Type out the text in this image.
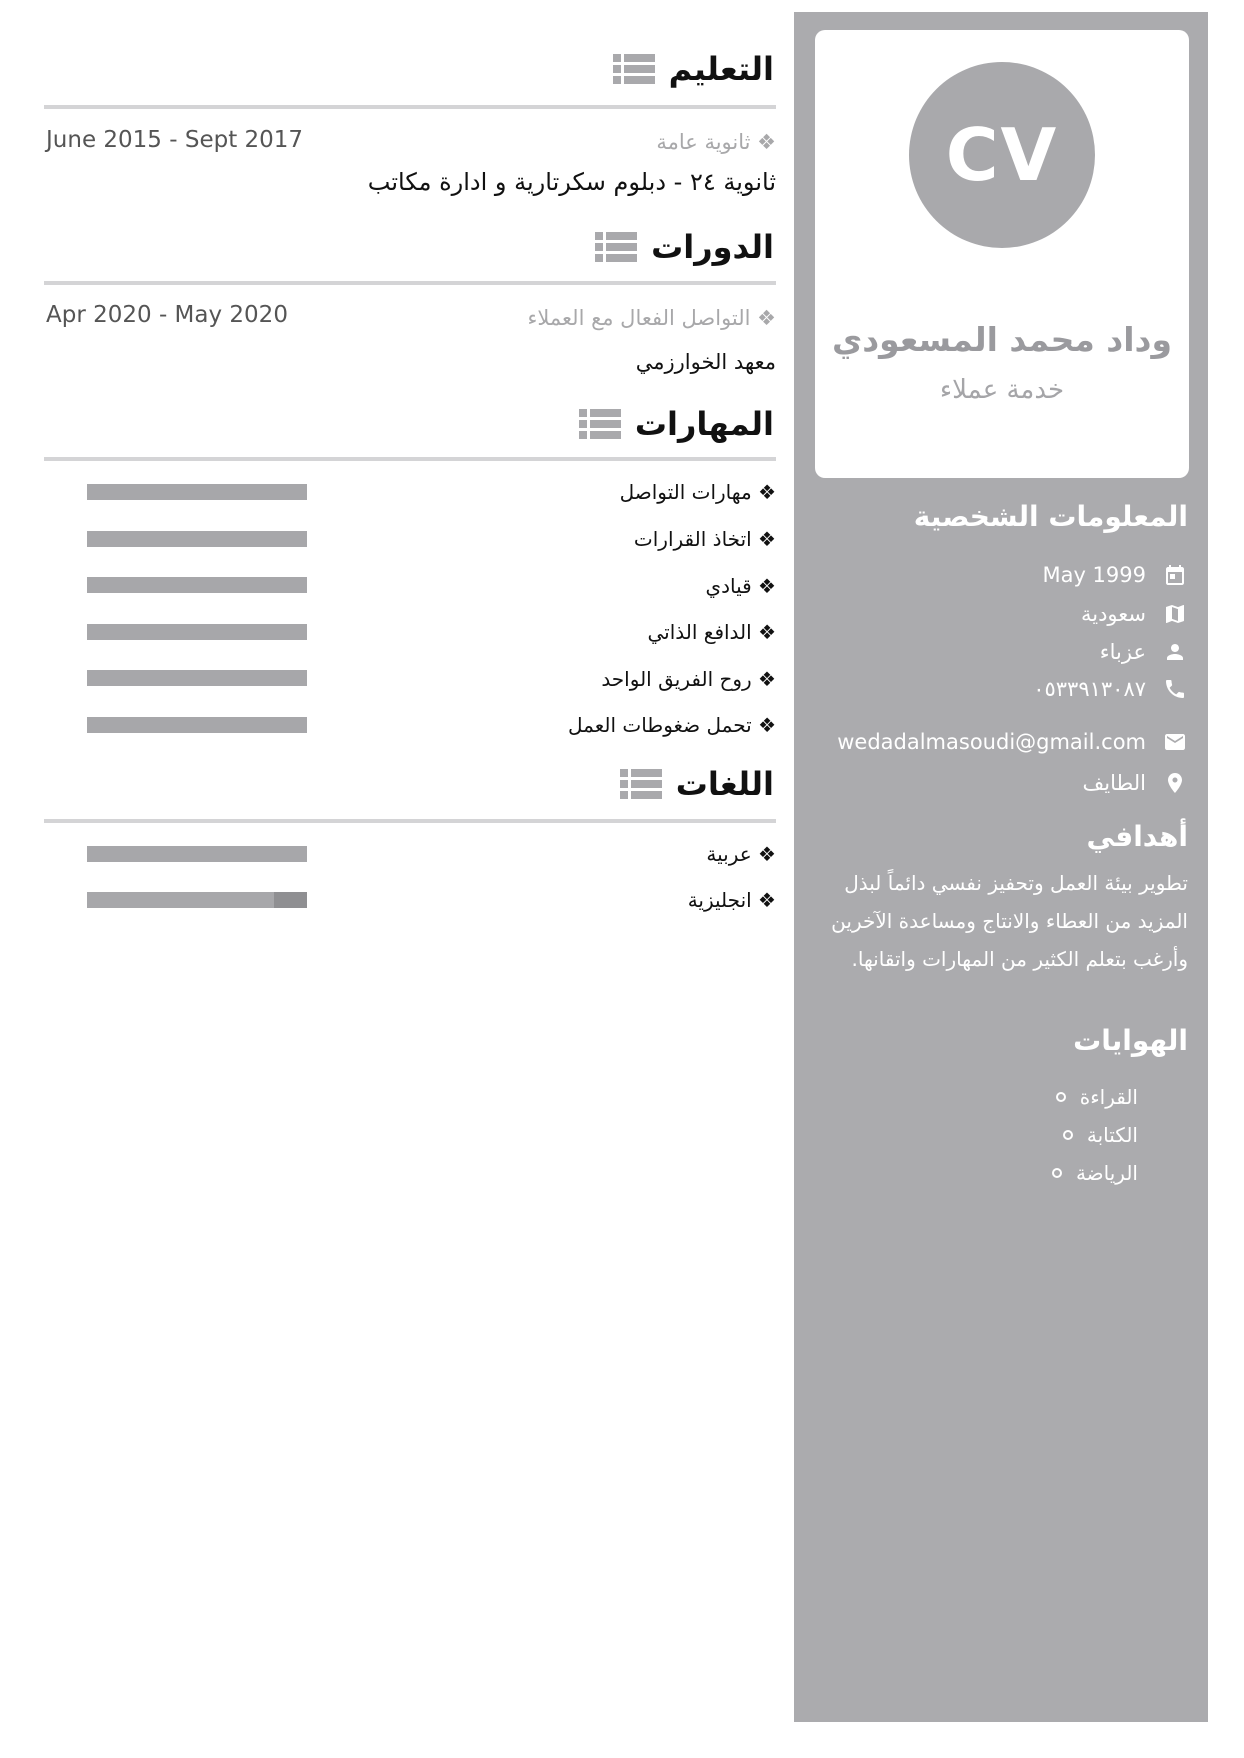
CV
وداد محمد المسعودي
خدمة عملاء
المعلومات الشخصية
May 1999
سعودية
عزباء
٠٥٣٣٩١٣٠٨٧
wedadalmasoudi@gmail.com
الطايف
أهدافي
تطوير بيئة العمل وتحفيز نفسي دائماً لبذل المزيد من العطاء والانتاج ومساعدة الآخرين وأرغب بتعلم الكثير من المهارات واتقانها.
الهوايات
القراءة
الكتابة
الرياضة
التعليم
June 2015 - Sept 2017	❖ ثانوية عامة
ثانوية ٢٤ - دبلوم سكرتارية و ادارة مكاتب
الدورات
Apr 2020 - May 2020	❖ التواصل الفعال مع العملاء
معهد الخوارزمي
المهارات
❖ مهارات التواصل
❖ اتخاذ القرارات
❖ قيادي
❖ الدافع الذاتي
❖ روح الفريق الواحد
❖ تحمل ضغوطات العمل
اللغات
❖ عربية
❖ انجليزية
